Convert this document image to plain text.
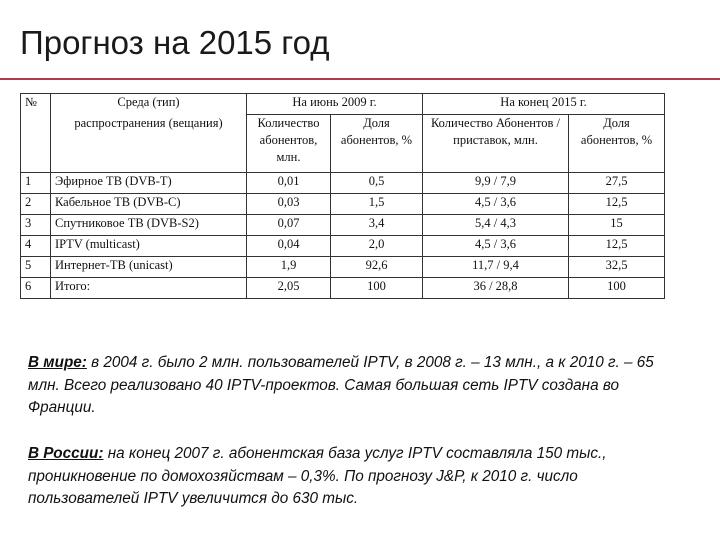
Прогноз на 2015 год
№	Среда (тип)
распространения (вещания)	На июнь 2009 г.		На конец 2015 г.	
		Количество абонентов, млн.	Доля абонентов, %	Количество Абонентов / приставок, млн.	Доля абонентов, %
1	Эфирное ТВ (DVB-T)	0,01	0,5	9,9 / 7,9	27,5
2	Кабельное ТВ (DVB-C)	0,03	1,5	4,5 / 3,6	12,5
3	Спутниковое ТВ (DVB-S2)	0,07	3,4	5,4 / 4,3	15
4	IPTV (multicast)	0,04	2,0	4,5 / 3,6	12,5
5	Интернет-ТВ (unicast)	1,9	92,6	11,7 / 9,4	32,5
6	Итого:	2,05	100	36 / 28,8	100
В мире: в 2004 г. было 2 млн. пользователей IPTV, в 2008 г. – 13 млн., а к 2010 г. – 65 млн. Всего реализовано 40 IPTV-проектов. Самая большая сеть IPTV создана во Франции.
В России: на конец 2007 г. абонентская база услуг IPTV составляла 150 тыс., проникновение по домохозяйствам – 0,3%. По прогнозу J&P, к 2010 г. число пользователей IPTV увеличится до 630 тыс.
